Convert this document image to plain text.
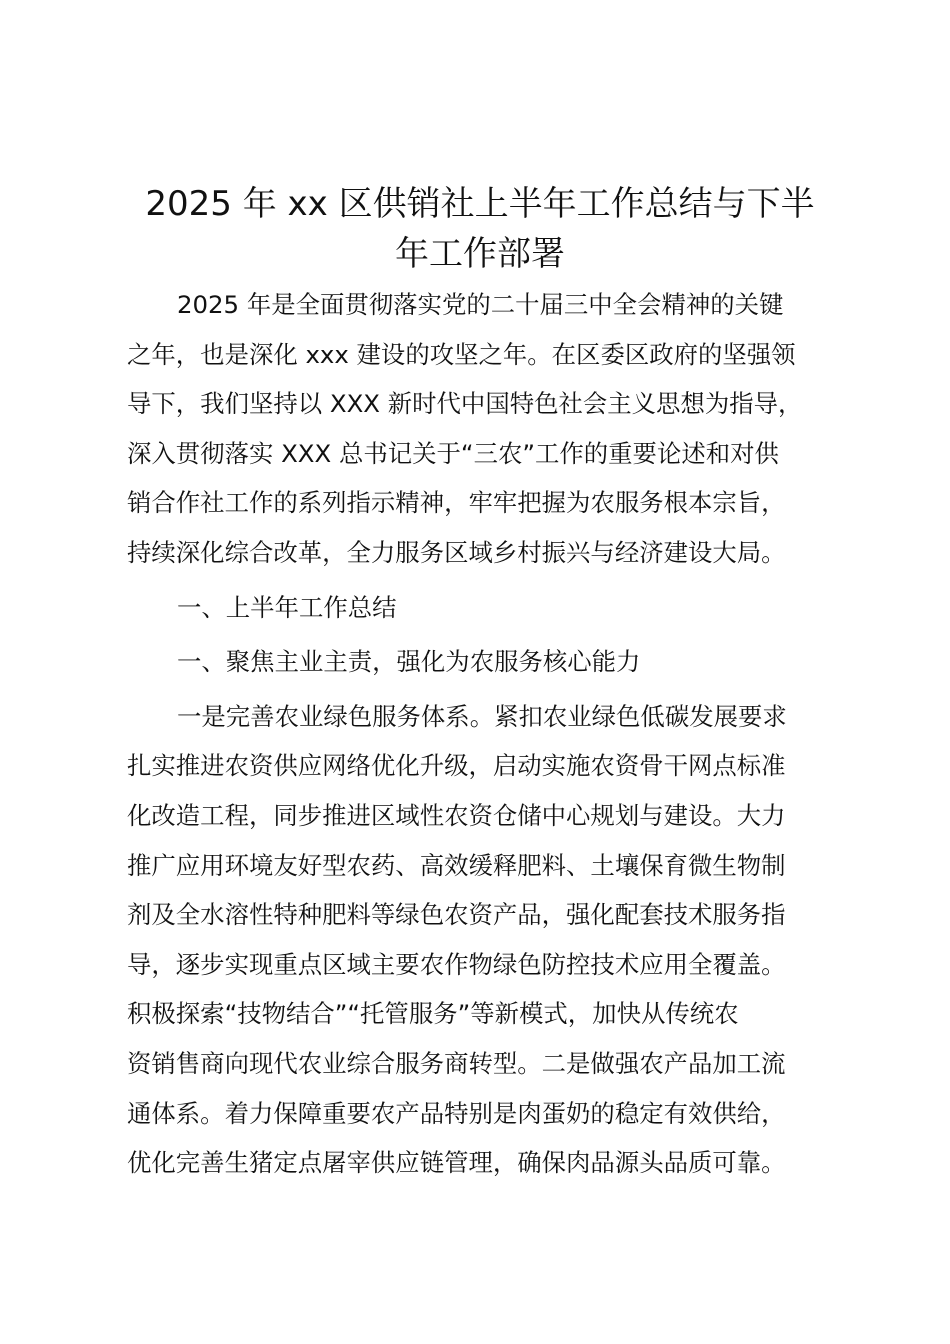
2025 年 xx 区供销社上半年工作总结与下半
年工作部署
2025 年是全面贯彻落实党的二十届三中全会精神的关键
之年，也是深化 xxx 建设的攻坚之年。在区委区政府的坚强领
导下，我们坚持以 XXX 新时代中国特色社会主义思想为指导，
深入贯彻落实 XXX 总书记关于“三农”工作的重要论述和对供
销合作社工作的系列指示精神，牢牢把握为农服务根本宗旨，
持续深化综合改革，全力服务区域乡村振兴与经济建设大局。
一、上半年工作总结
一、聚焦主业主责，强化为农服务核心能力
一是完善农业绿色服务体系。紧扣农业绿色低碳发展要求
扎实推进农资供应网络优化升级，启动实施农资骨干网点标准
化改造工程，同步推进区域性农资仓储中心规划与建设。大力
推广应用环境友好型农药、高效缓释肥料、土壤保育微生物制
剂及全水溶性特种肥料等绿色农资产品，强化配套技术服务指
导，逐步实现重点区域主要农作物绿色防控技术应用全覆盖。
积极探索“技物结合”“托管服务”等新模式，加快从传统农
资销售商向现代农业综合服务商转型。二是做强农产品加工流
通体系。着力保障重要农产品特别是肉蛋奶的稳定有效供给，
优化完善生猪定点屠宰供应链管理，确保肉品源头品质可靠。
